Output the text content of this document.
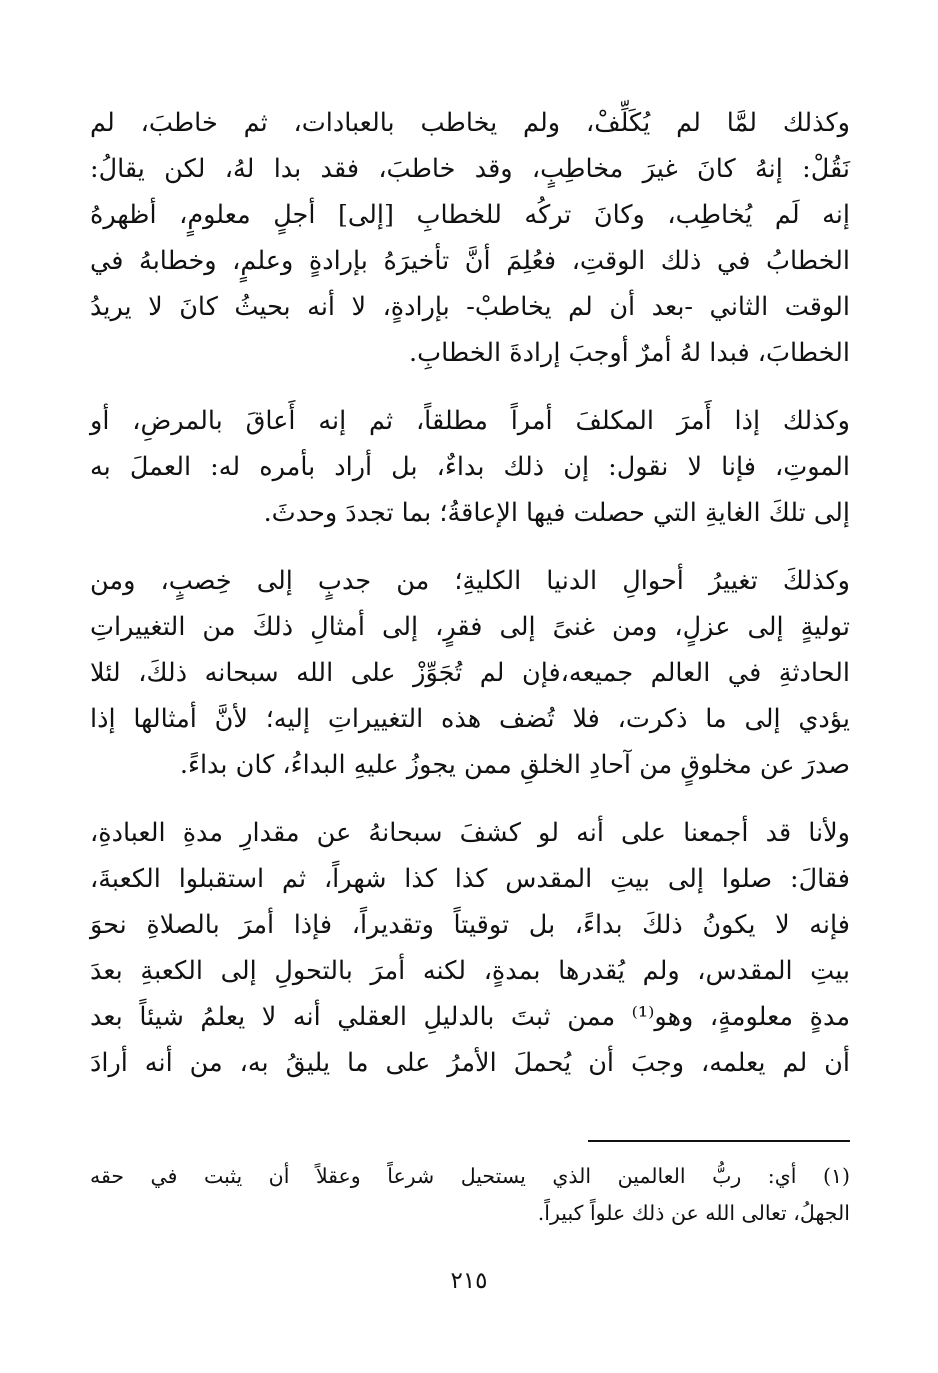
وكذلك لمَّا لم يُكَلِّفْ، ولم يخاطب بالعبادات، ثم خاطبَ، لم
نَقُلْ: إنهُ كانَ غيرَ مخاطِبٍ، وقد خاطبَ، فقد بدا لهُ، لكن يقالُ:
إنه لَم يُخاطِب، وكانَ تركُه للخطابِ [إلى] أجلٍ معلومٍ، أظهرهُ
الخطابُ في ذلك الوقتِ، فعُلِمَ أنَّ تأخيرَهُ بإرادةٍ وعلمٍ، وخطابهُ في
الوقت الثاني -بعد أن لم يخاطبْ- بإرادةٍ، لا أنه بحيثُ كانَ لا يريدُ
الخطابَ، فبدا لهُ أمرٌ أوجبَ إرادةَ الخطابِ.

وكذلك إذا أَمرَ المكلفَ أمراً مطلقاً، ثم إنه أَعاقَ بالمرضِ، أو
الموتِ، فإنا لا نقول: إن ذلك بداءٌ، بل أراد بأمره له: العملَ به
إلى تلكَ الغايةِ التي حصلت فيها الإعاقةُ؛ بما تجددَ وحدثَ.

وكذلكَ تغييرُ أحوالِ الدنيا الكليةِ؛ من جدبٍ إلى خِصبٍ، ومن
توليةٍ إلى عزلٍ، ومن غنىً إلى فقرٍ، إلى أمثالِ ذلكَ من التغييراتِ
الحادثةِ في العالم جميعه،فإن لم تُجَوِّزْ على الله سبحانه ذلكَ، لئلا
يؤدي إلى ما ذكرت، فلا تُضف هذه التغييراتِ إليه؛ لأنَّ أمثالها إذا
صدرَ عن مخلوقٍ من آحادِ الخلقِ ممن يجوزُ عليهِ البداءُ، كان بداءً.

ولأنا قد أجمعنا على أنه لو كشفَ سبحانهُ عن مقدارِ مدةِ العبادةِ،
فقالَ: صلوا إلى بيتِ المقدس كذا كذا شهراً، ثم استقبلوا الكعبةَ،
فإنه لا يكونُ ذلكَ بداءً، بل توقيتاً وتقديراً، فإذا أمرَ بالصلاةِ نحوَ
بيتِ المقدس، ولم يُقدرها بمدةٍ، لكنه أمرَ بالتحولِ إلى الكعبةِ بعدَ
مدةٍ معلومةٍ، وهو⁽¹⁾ ممن ثبتَ بالدليلِ العقلي أنه لا يعلمُ شيئاً بعد
أن لم يعلمه، وجبَ أن يُحملَ الأمرُ على ما يليقُ به، من أنه أرادَ

(١) أي: ربُّ العالمين الذي يستحيل شرعاً وعقلاً أن يثبت في حقه
الجهلُ، تعالى الله عن ذلك علواً كبيراً.
٢١٥
